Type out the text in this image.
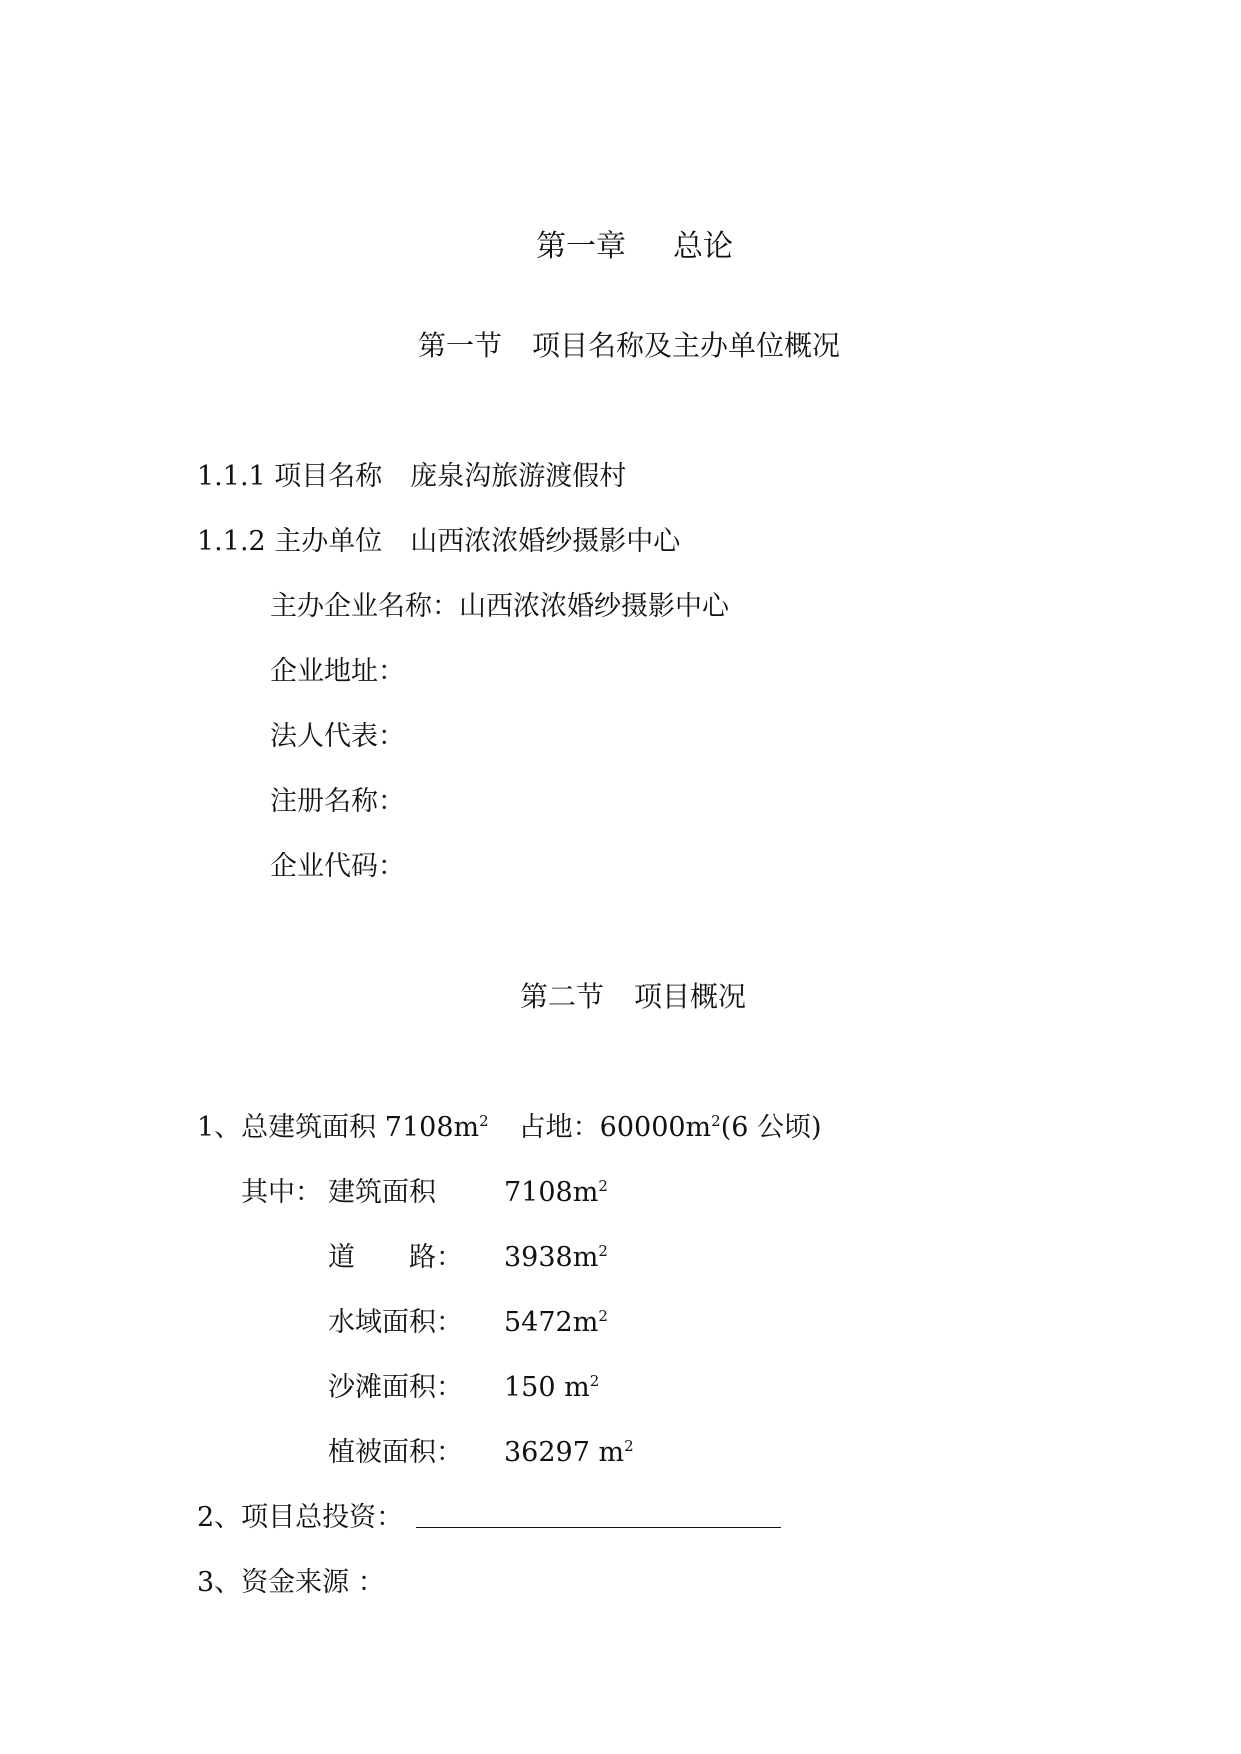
第一章 总论
第一节 项目名称及主办单位概况
1.1.1 项目名称 庞泉沟旅游渡假村
1.1.2 主办单位 山西浓浓婚纱摄影中心
主办企业名称：山西浓浓婚纱摄影中心
企业地址：
法人代表：
注册名称：
企业代码：
第二节 项目概况
1、总建筑面积 $7108m^2$ 占地：$60000m^2(6$ 公顷)
其中： 建筑面积	$7108m^2$
道 路： $3938m^2$
水域面积： $5472m^2$
沙滩面积： 150 $m^2$
植被面积： 36297 $m^2$
2、项目总投资：
3、资金来源 ：
